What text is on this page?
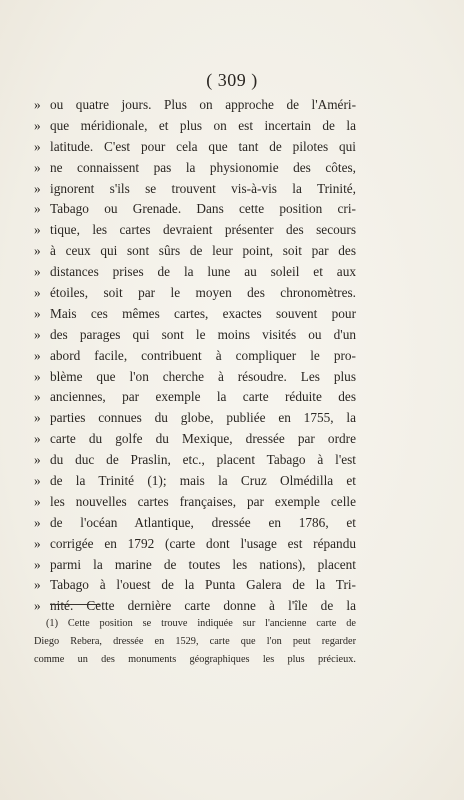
( 309 )
» ou quatre jours. Plus on approche de l'Améri-
» que méridionale, et plus on est incertain de la
» latitude. C'est pour cela que tant de pilotes qui
» ne connaissent pas la physionomie des côtes,
» ignorent s'ils se trouvent vis-à-vis la Trinité,
» Tabago ou Grenade. Dans cette position cri-
» tique, les cartes devraient présenter des secours
» à ceux qui sont sûrs de leur point, soit par des
» distances prises de la lune au soleil et aux
» étoiles, soit par le moyen des chronomètres.
» Mais ces mêmes cartes, exactes souvent pour
» des parages qui sont le moins visités ou d'un
» abord facile, contribuent à compliquer le pro-
» blème que l'on cherche à résoudre. Les plus
» anciennes, par exemple la carte réduite des
» parties connues du globe, publiée en 1755, la
» carte du golfe du Mexique, dressée par ordre
» du duc de Praslin, etc., placent Tabago à l'est
» de la Trinité (1); mais la Cruz Olmédilla et
» les nouvelles cartes françaises, par exemple celle
» de l'océan Atlantique, dressée en 1786, et
» corrigée en 1792 (carte dont l'usage est répandu
» parmi la marine de toutes les nations), placent
» Tabago à l'ouest de la Punta Galera de la Tri-
» nité. Cette dernière carte donne à l'île de la
(1) Cette position se trouve indiquée sur l'ancienne carte de
Diego Rebera, dressée en 1529, carte que l'on peut regarder
comme un des monuments géographiques les plus précieux.
